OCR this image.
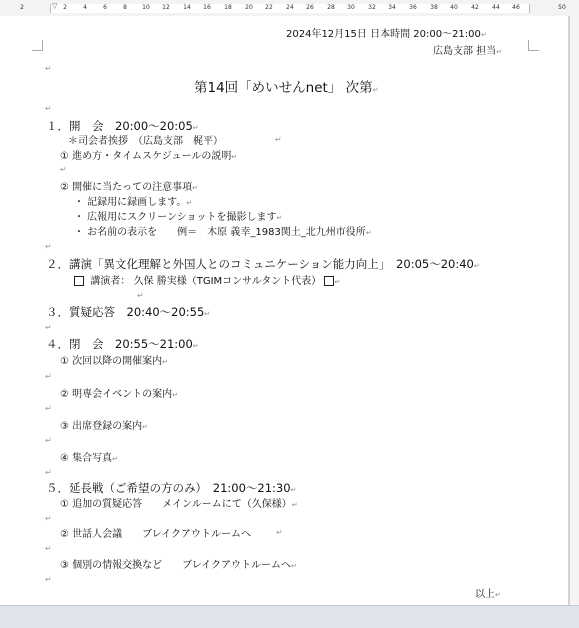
▽
2	2	4	6	8	10 12 14 16 18 20 22 24 26 28 30 32 34 36 38 40 42 44 46	50
2024年12月15日 日本時間 20:00～21:00↵
広島支部 担当↵
↵
第14回「めいせんnet」 次第↵
↵
１．開　会　20:00～20:05↵
＊司会者挨拶　（広島支部　梶平）	↵
① 進め方・タイムスケジュールの説明↵
↵
② 開催に当たっての注意事項↵
・ 記録用に録画します。↵
・ 広報用にスクリーンショットを撮影します↵
・ お名前の表示を　　例＝　木原 義幸_1983関土_北九州市役所↵
↵
２．講演「異文化理解と外国人とのコミュニケーション能力向上」　20:05～20:40↵
講演者： 久保 勝実様（TGIMコンサルタント代表） ↵
↵
３．質疑応答　20:40～20:55↵
↵
４．閉　会　20:55～21:00↵
① 次回以降の開催案内↵
↵
② 明専会イベントの案内↵
↵
③ 出席登録の案内↵
↵
④ 集合写真↵
↵
５．延長戦（ご希望の方のみ）　21:00～21:30↵
① 追加の質疑応答　　メインルームにて（久保様）↵
↵
② 世話人会議　　ブレイクアウトルームへ	↵
↵
③ 個別の情報交換など　　ブレイクアウトルームへ↵
↵
以上↵
